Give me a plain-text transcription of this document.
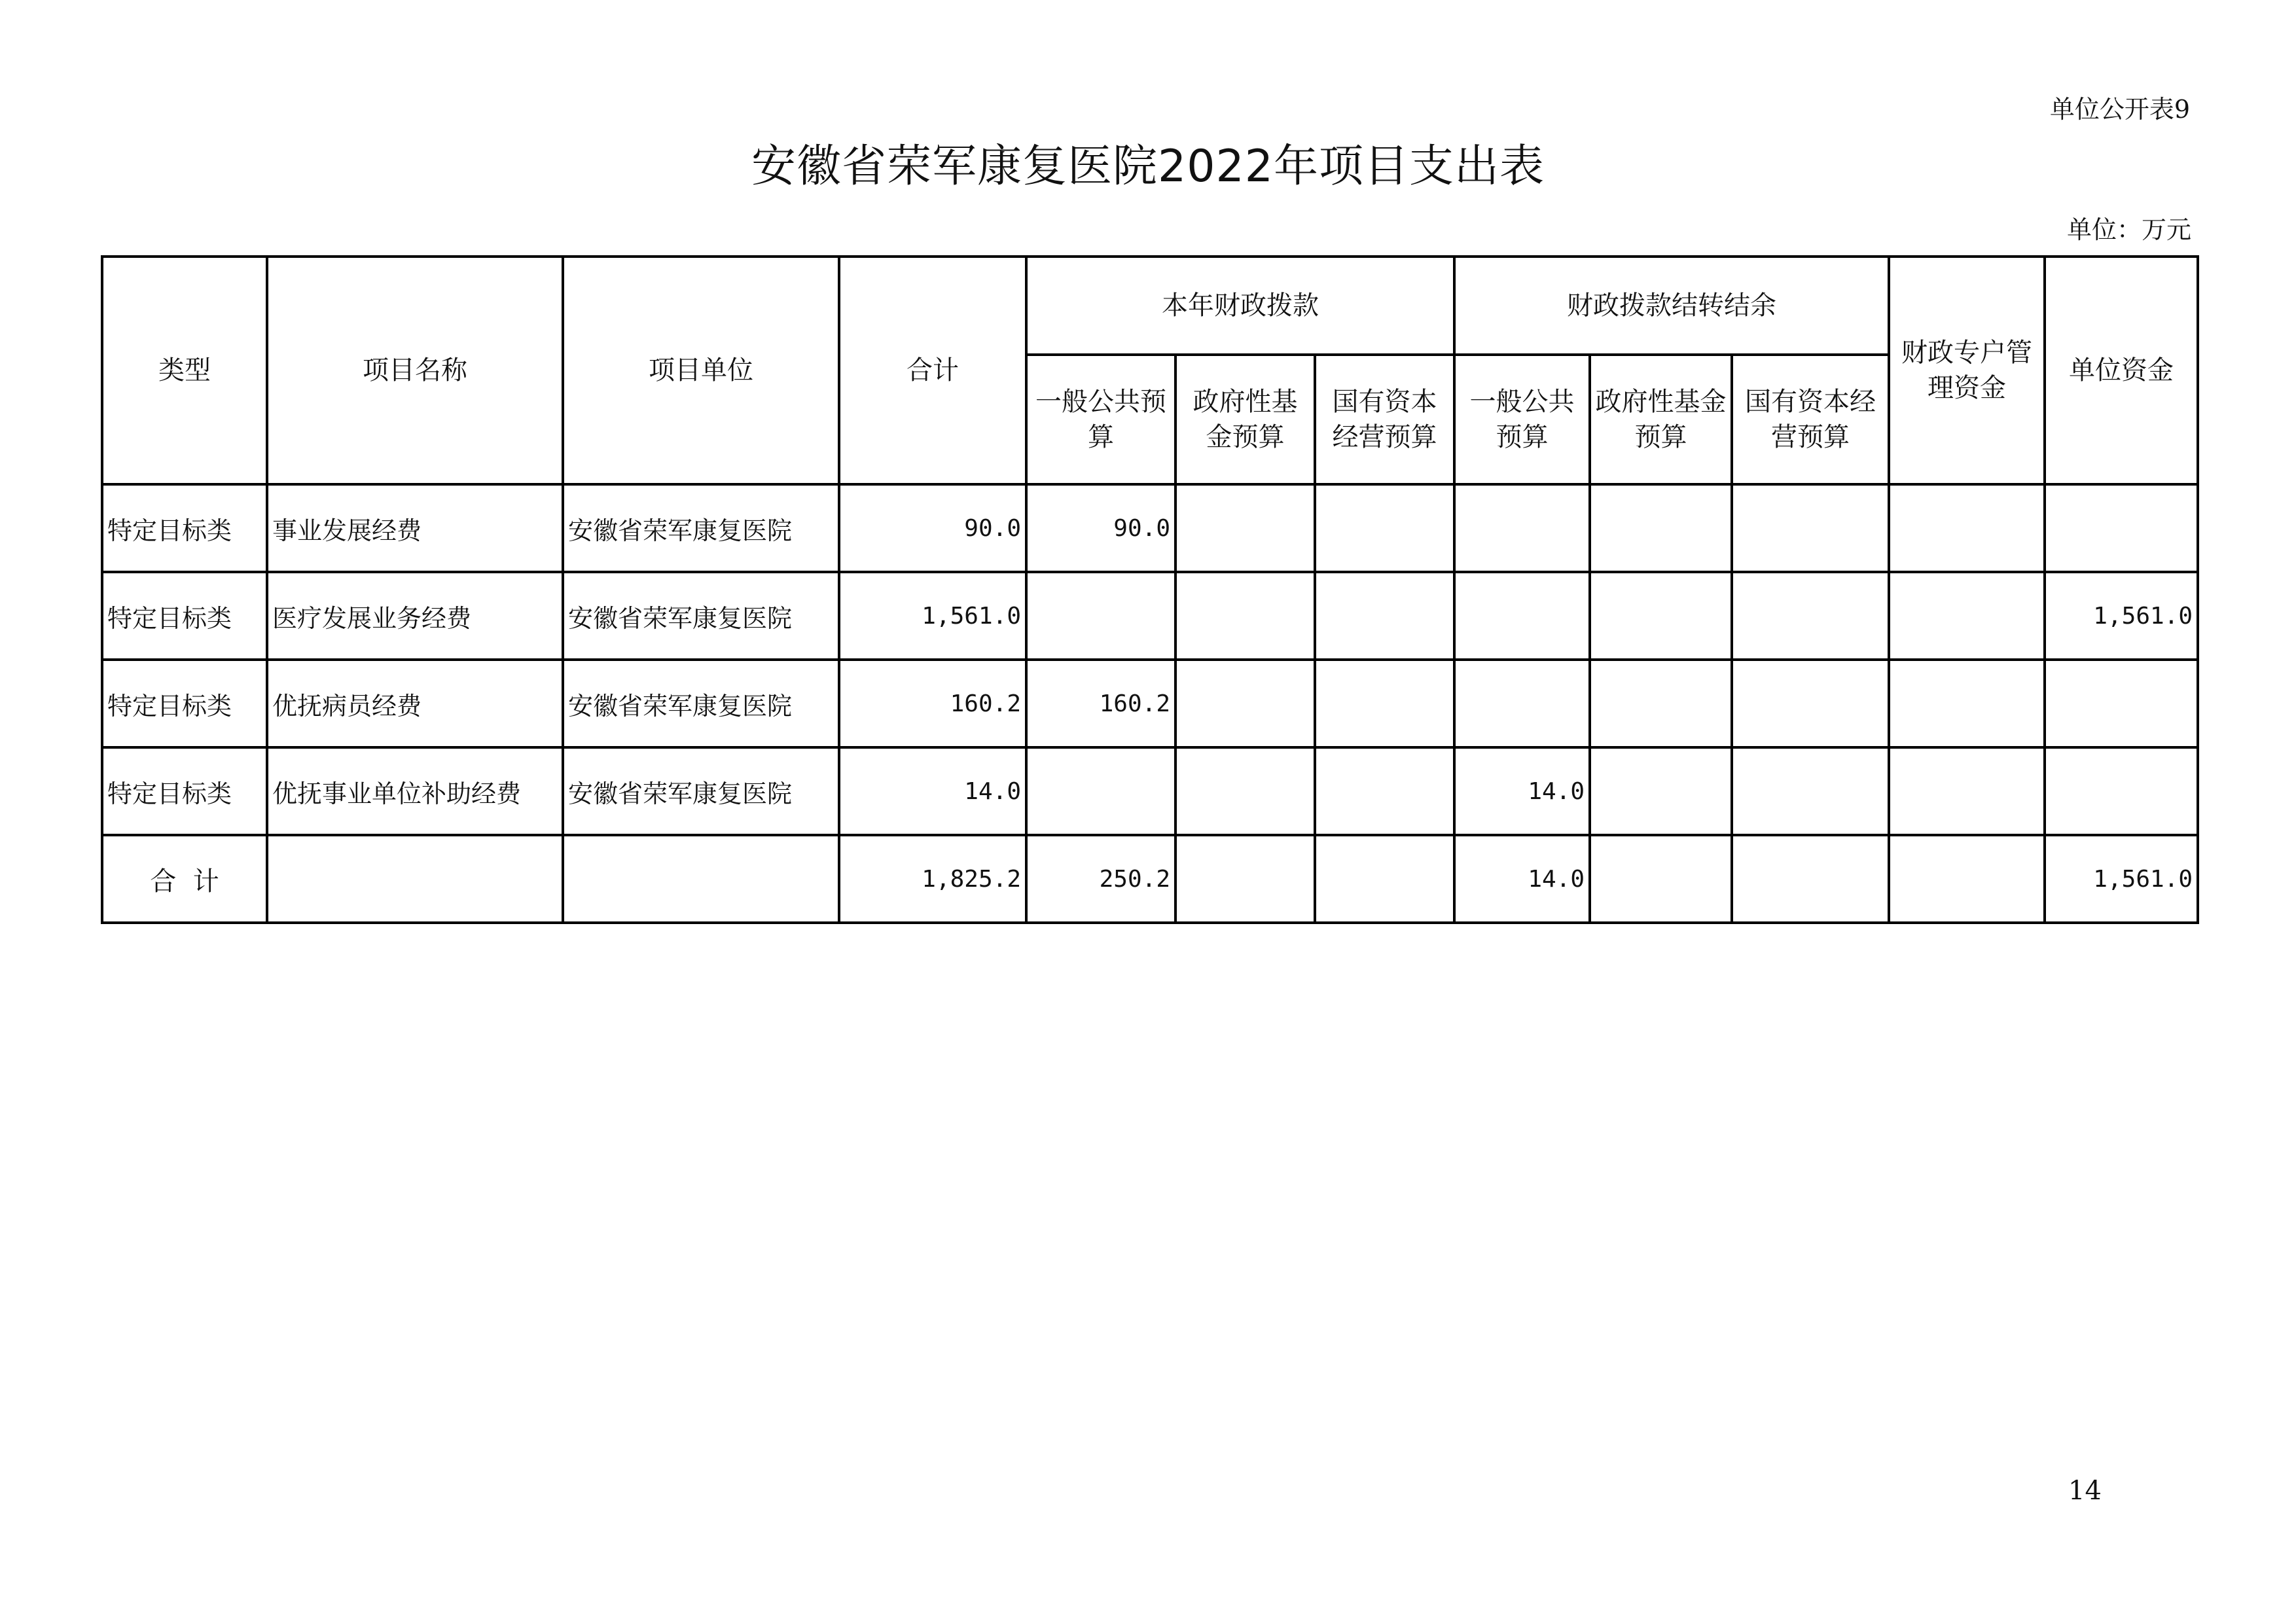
单位公开表9
安徽省荣军康复医院2022年项目支出表
单位：万元
类型	项目名称	项目单位	合计	本年财政拨款			财政拨款结转结余			财政专户管理资金	单位资金
				一般公共预算	政府性基金预算	国有资本经营预算	一般公共预算	政府性基金预算	国有资本经营预算		
特定目标类	事业发展经费	安徽省荣军康复医院	90.0	90.0							
特定目标类	医疗发展业务经费	安徽省荣军康复医院	1,561.0								1,561.0
特定目标类	优抚病员经费	安徽省荣军康复医院	160.2	160.2							
特定目标类	优抚事业单位补助经费	安徽省荣军康复医院	14.0				14.0				
合  计			1,825.2	250.2			14.0				1,561.0
14
